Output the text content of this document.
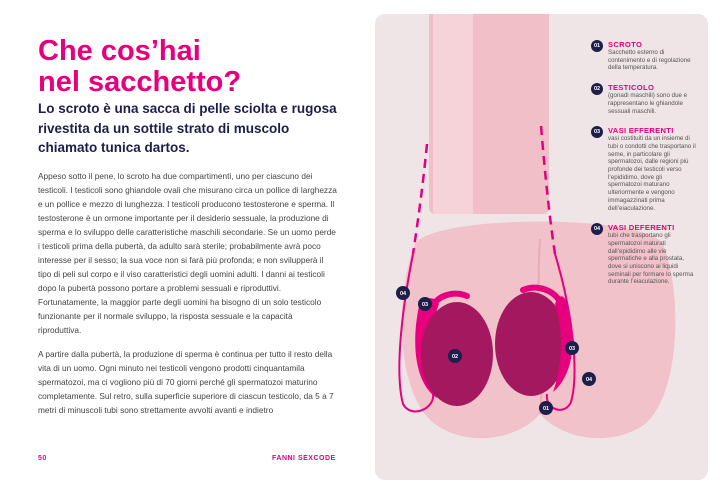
Che cos’hai
nel sacchetto?

Lo scroto è una sacca di pelle sciolta e rugosa rivestita da un sottile strato di muscolo chiamato tunica dartos.

Appeso sotto il pene, lo scroto ha due compartimenti, uno per ciascuno dei testicoli. I testicoli sono ghiandole ovali che misurano circa un pollice di larghezza e un pollice e mezzo di lunghezza. I testicoli producono testosterone e sperma. Il testosterone è un ormone importante per il desiderio sessuale, la produzione di sperma e lo sviluppo delle caratteristiche maschili secondarie. Se un uomo perde i testicoli prima della pubertà, da adulto sarà sterile; probabilmente avrà poco interesse per il sesso; la sua voce non si farà più profonda; e non svilupperà il tipo di peli sul corpo e il viso caratteristici degli uomini adulti. I danni ai testicoli dopo la pubertà possono portare a problemi sessuali e riproduttivi. Fortunatamente, la maggior parte degli uomini ha bisogno di un solo testicolo funzionante per il normale sviluppo, la risposta sessuale e la capacità riproduttiva.

A partire dalla pubertà, la produzione di sperma è continua per tutto il resto della vita di un uomo. Ogni minuto nei testicoli vengono prodotti cinquantamila spermatozoi, ma ci vogliono più di 70 giorni perché gli spermatozoi maturino completamente. Sul retro, sulla superficie superiore di ciascun testicolo, da 5 a 7 metri di minuscoli tubi sono strettamente avvolti avanti e indietro

50	FANNI SEXCODE
01
02
03
03
04
04
01	SCROTO
Sacchetto esterno di contenimento e di regolazione della temperatura.
02	TESTICOLO
(gonadi maschili) sono due e rappresentano le ghiandole sessuali maschili.
03	VASI EFFERENTI
vasi costituiti da un insieme di tubi o condotti che trasportano il seme, in particolare gli spermatozoi, dalle regioni più profonde dei testicoli verso l’epididimo, dove gli spermatozoi maturano ulteriormente e vengono immagazzinati prima dell’eiaculazione.
04	VASI DEFERENTI
tubi che trasportano gli spermatozoi maturati dall’epididimo alle vie spermatiche e alla prostata, dove si uniscono ai liquidi seminali per formare lo sperma durante l’eiaculazione.
